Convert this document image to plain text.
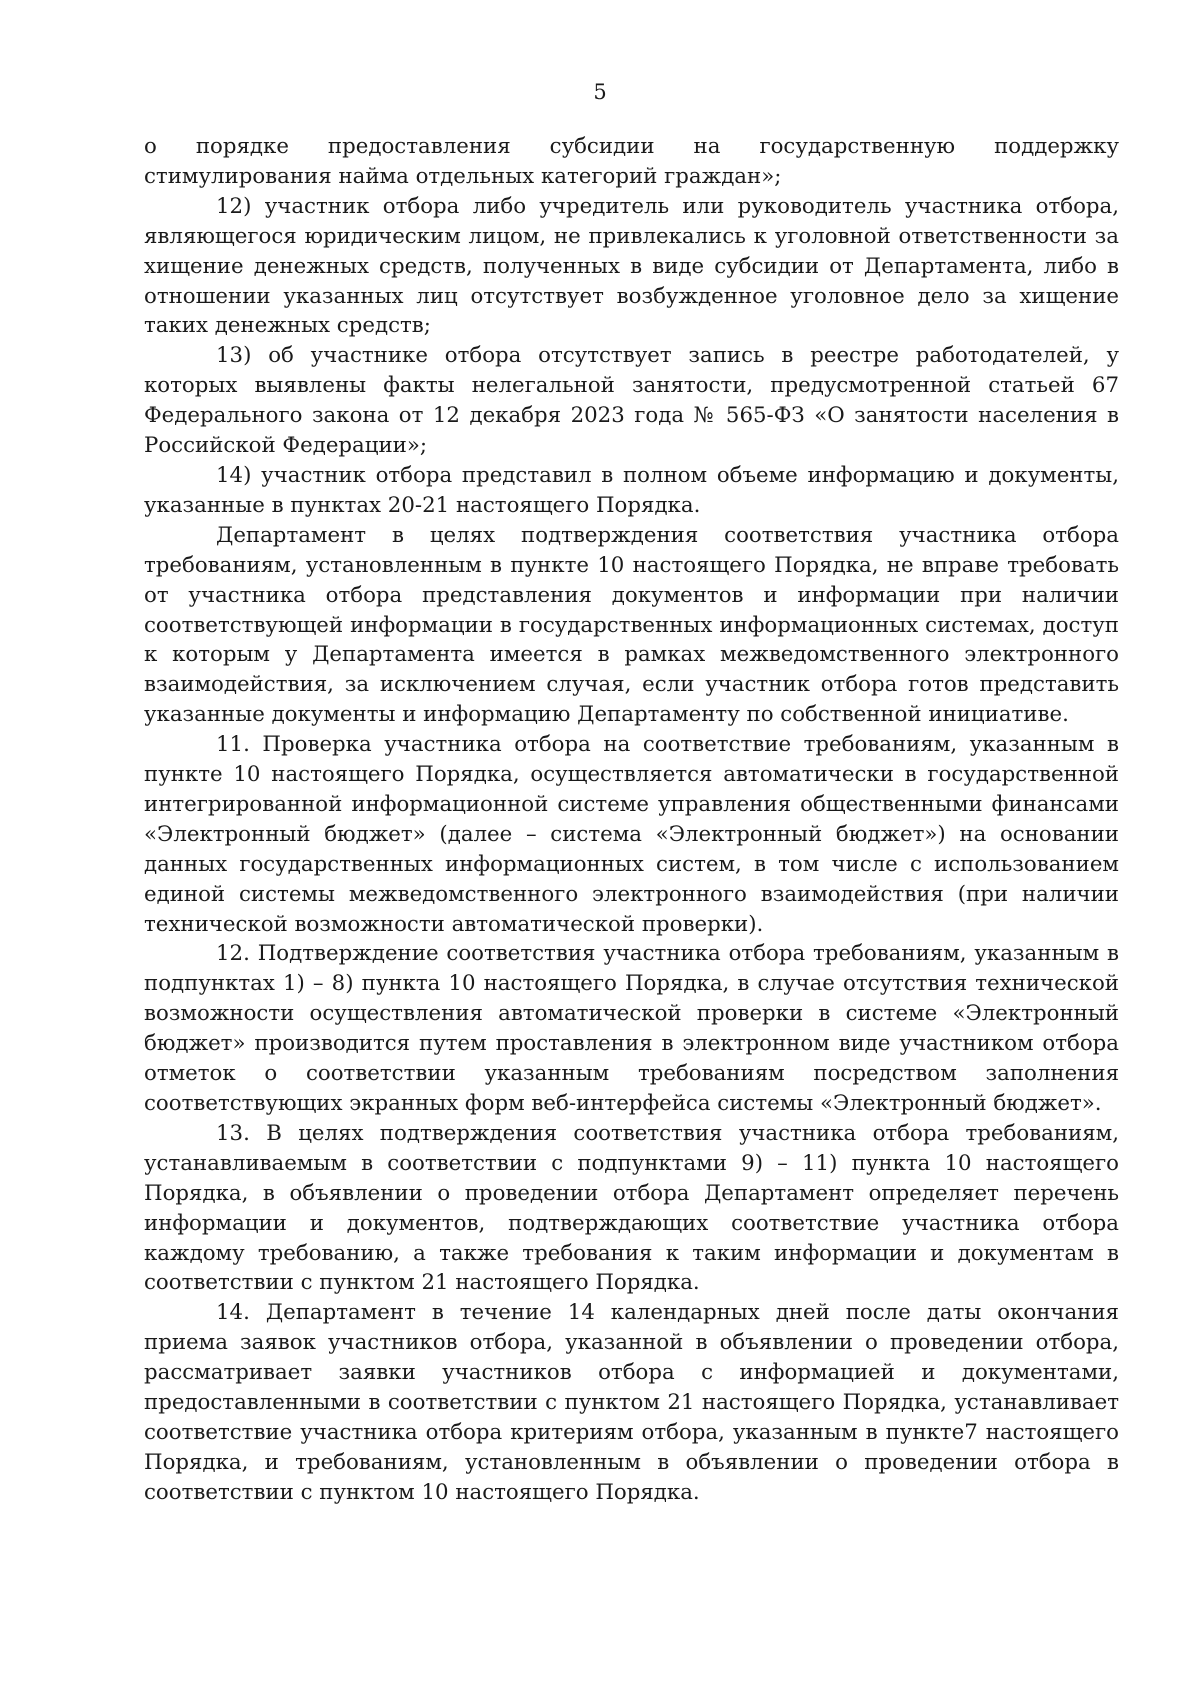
5

о порядке предоставления субсидии на государственную поддержку стимулирования найма отдельных категорий граждан»;

12) участник отбора либо учредитель или руководитель участника отбора, являющегося юридическим лицом, не привлекались к уголовной ответственности за хищение денежных средств, полученных в виде субсидии от Департамента, либо в отношении указанных лиц отсутствует возбужденное уголовное дело за хищение таких денежных средств;

13) об участнике отбора отсутствует запись в реестре работодателей, у которых выявлены факты нелегальной занятости, предусмотренной статьей 67 Федерального закона от 12 декабря 2023 года № 565-ФЗ «О занятости населения в Российской Федерации»;

14) участник отбора представил в полном объеме информацию и документы, указанные в пунктах 20-21 настоящего Порядка.

Департамент в целях подтверждения соответствия участника отбора требованиям, установленным в пункте 10 настоящего Порядка, не вправе требовать от участника отбора представления документов и информации при наличии соответствующей информации в государственных информационных системах, доступ к которым у Департамента имеется в рамках межведомственного электронного взаимодействия, за исключением случая, если участник отбора готов представить указанные документы и информацию Департаменту по собственной инициативе.

11. Проверка участника отбора на соответствие требованиям, указанным в пункте 10 настоящего Порядка, осуществляется автоматически в государственной интегрированной информационной системе управления общественными финансами «Электронный бюджет» (далее – система «Электронный бюджет») на основании данных государственных информационных систем, в том числе с использованием единой системы межведомственного электронного взаимодействия (при наличии технической возможности автоматической проверки).

12. Подтверждение соответствия участника отбора требованиям, указанным в подпунктах 1) – 8) пункта 10 настоящего Порядка, в случае отсутствия технической возможности осуществления автоматической проверки в системе «Электронный бюджет» производится путем проставления в электронном виде участником отбора отметок о соответствии указанным требованиям посредством заполнения соответствующих экранных форм веб-интерфейса системы «Электронный бюджет».

13. В целях подтверждения соответствия участника отбора требованиям, устанавливаемым в соответствии с подпунктами 9) – 11) пункта 10 настоящего Порядка, в объявлении о проведении отбора Департамент определяет перечень информации и документов, подтверждающих соответствие участника отбора каждому требованию, а также требования к таким информации и документам в соответствии с пунктом 21 настоящего Порядка.

14. Департамент в течение 14 календарных дней после даты окончания приема заявок участников отбора, указанной в объявлении о проведении отбора, рассматривает заявки участников отбора с информацией и документами, предоставленными в соответствии с пунктом 21 настоящего Порядка, устанавливает соответствие участника отбора критериям отбора, указанным в пункте7 настоящего Порядка, и требованиям, установленным в объявлении о проведении отбора в соответствии с пунктом 10 настоящего Порядка.
